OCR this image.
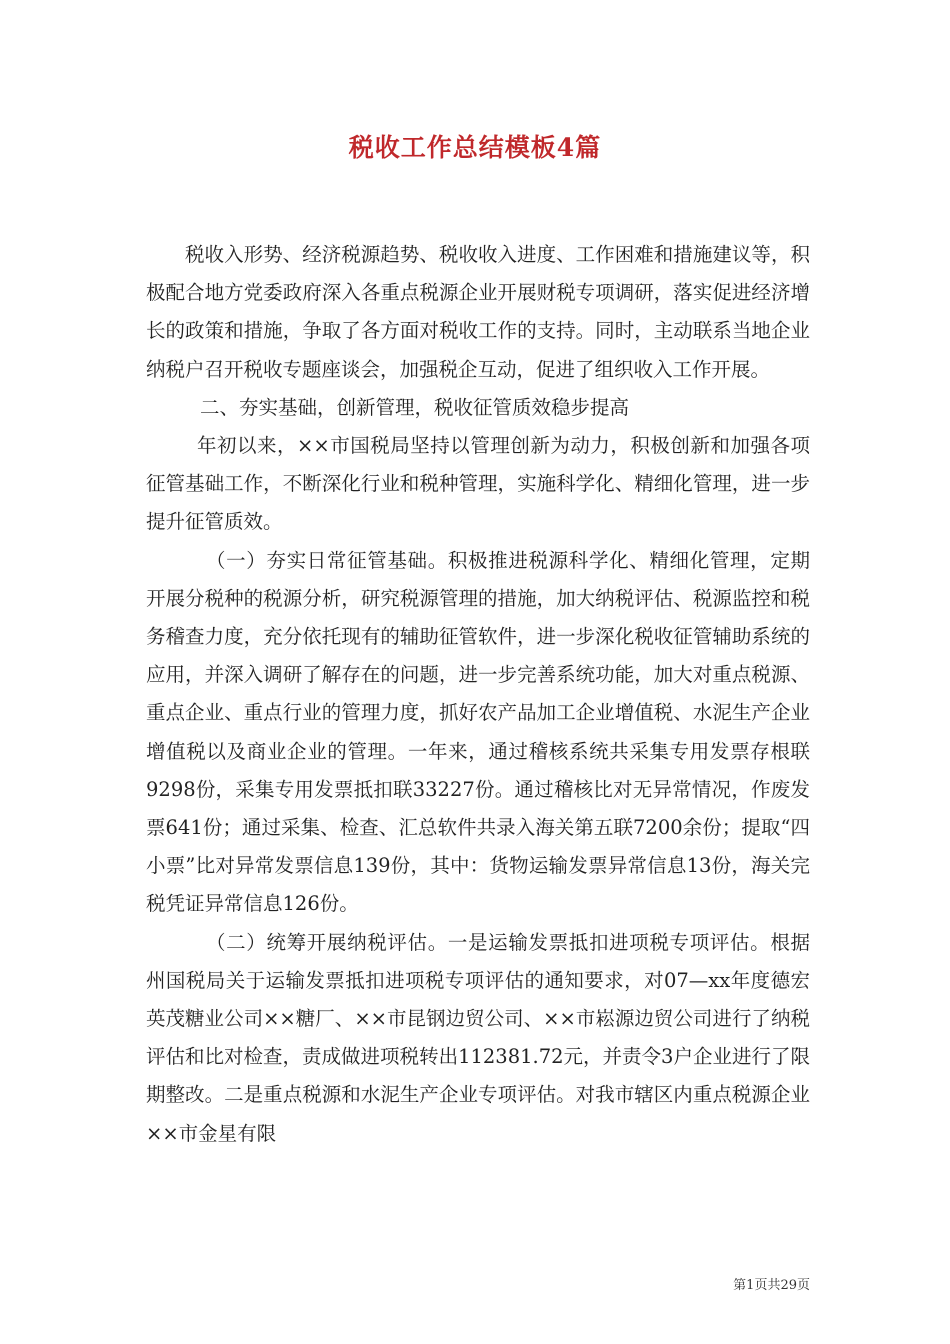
税收工作总结模板4篇

税收入形势、经济税源趋势、税收收入进度、工作困难和措施建议等，积极配合地方党委政府深入各重点税源企业开展财税专项调研，落实促进经济增长的政策和措施，争取了各方面对税收工作的支持。同时，主动联系当地企业纳税户召开税收专题座谈会，加强税企互动，促进了组织收入工作开展。

二、夯实基础，创新管理，税收征管质效稳步提高

年初以来，××市国税局坚持以管理创新为动力，积极创新和加强各项征管基础工作，不断深化行业和税种管理，实施科学化、精细化管理，进一步提升征管质效。

（一）夯实日常征管基础。积极推进税源科学化、精细化管理，定期开展分税种的税源分析，研究税源管理的措施，加大纳税评估、税源监控和税务稽查力度，充分依托现有的辅助征管软件，进一步深化税收征管辅助系统的应用，并深入调研了解存在的问题，进一步完善系统功能，加大对重点税源、重点企业、重点行业的管理力度，抓好农产品加工企业增值税、水泥生产企业增值税以及商业企业的管理。一年来，通过稽核系统共采集专用发票存根联9298份，采集专用发票抵扣联33227份。通过稽核比对无异常情况，作废发票641份；通过采集、检查、汇总软件共录入海关第五联7200余份；提取“四小票”比对异常发票信息139份，其中：货物运输发票异常信息13份，海关完税凭证异常信息126份。

（二）统筹开展纳税评估。一是运输发票抵扣进项税专项评估。根据州国税局关于运输发票抵扣进项税专项评估的通知要求，对07—xx年度德宏英茂糖业公司××糖厂、××市昆钢边贸公司、××市崧源边贸公司进行了纳税评估和比对检查，责成做进项税转出112381.72元，并责令3户企业进行了限期整改。二是重点税源和水泥生产企业专项评估。对我市辖区内重点税源企业××市金星有限

第1页共29页
